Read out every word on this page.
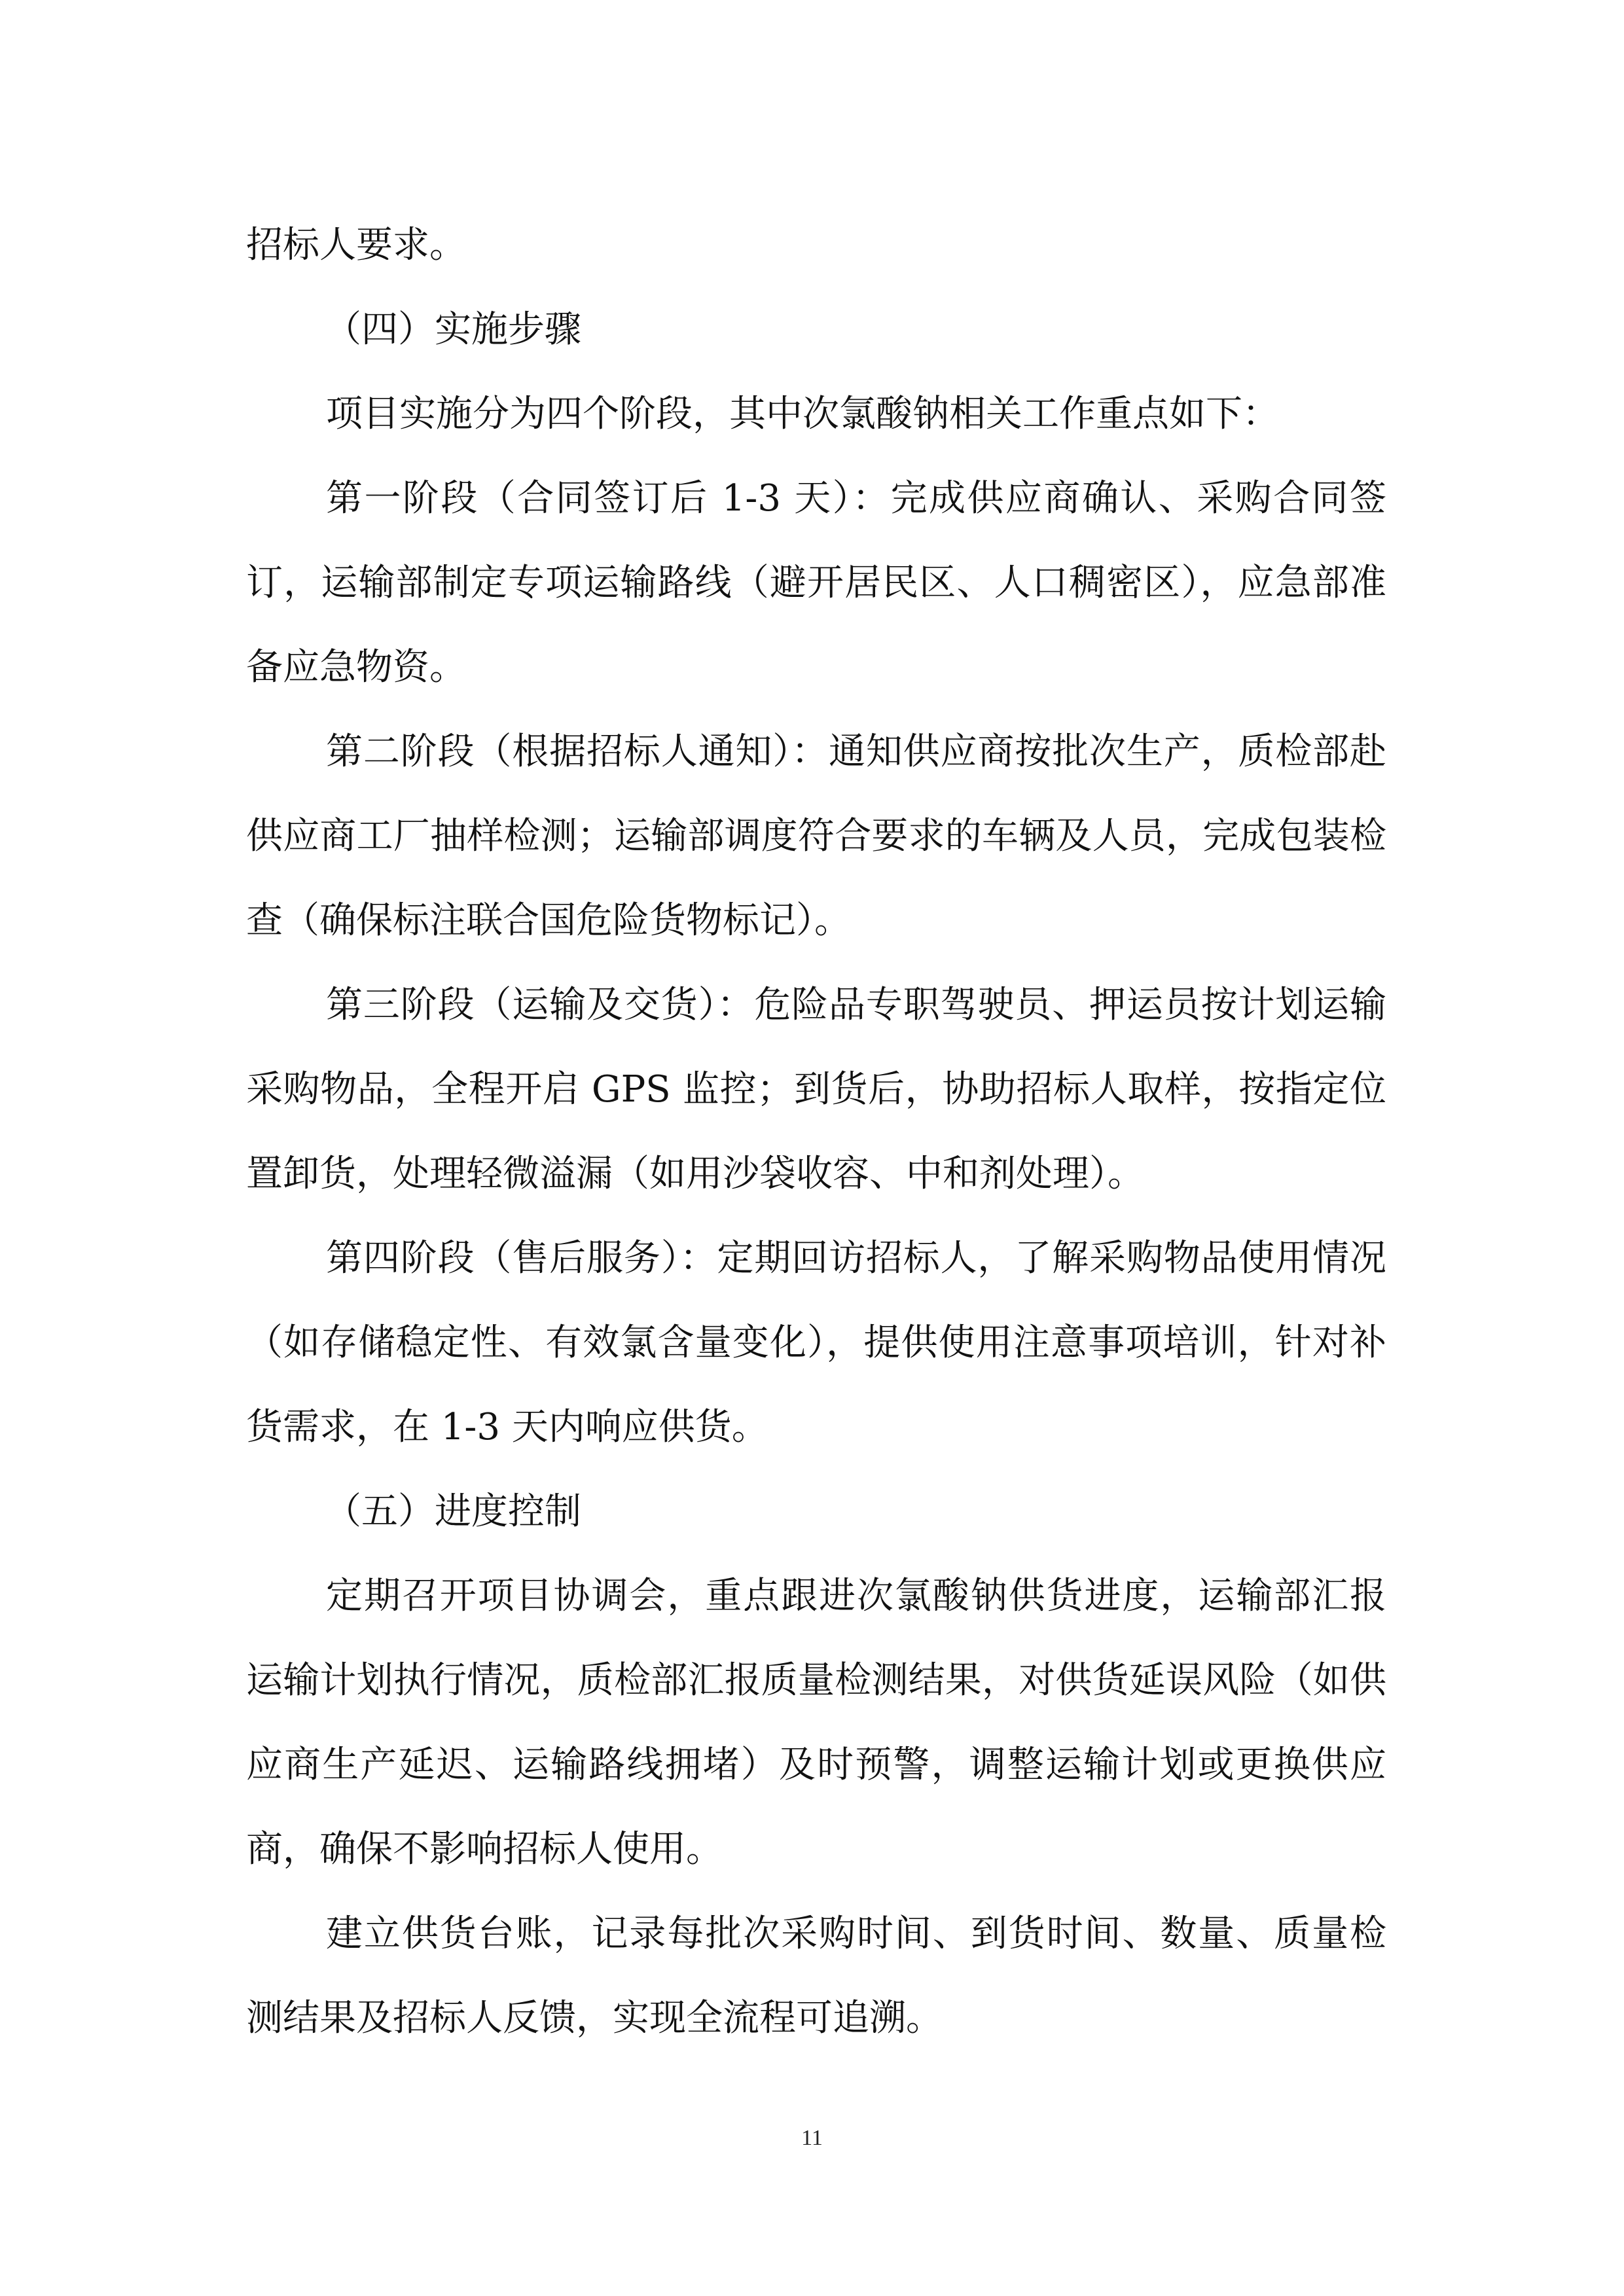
招标人要求。

（四）实施步骤

项目实施分为四个阶段，其中次氯酸钠相关工作重点如下：

第一阶段（合同签订后 1-3 天）：完成供应商确认、采购合同签订，运输部制定专项运输路线（避开居民区、人口稠密区），应急部准备应急物资。

第二阶段（根据招标人通知）：通知供应商按批次生产，质检部赴供应商工厂抽样检测；运输部调度符合要求的车辆及人员，完成包装检查（确保标注联合国危险货物标记）。

第三阶段（运输及交货）：危险品专职驾驶员、押运员按计划运输采购物品，全程开启 GPS 监控；到货后，协助招标人取样，按指定位置卸货，处理轻微溢漏（如用沙袋收容、中和剂处理）。

第四阶段（售后服务）：定期回访招标人，了解采购物品使用情况（如存储稳定性、有效氯含量变化），提供使用注意事项培训，针对补货需求，在 1-3 天内响应供货。

（五）进度控制

定期召开项目协调会，重点跟进次氯酸钠供货进度，运输部汇报运输计划执行情况，质检部汇报质量检测结果，对供货延误风险（如供应商生产延迟、运输路线拥堵）及时预警，调整运输计划或更换供应商，确保不影响招标人使用。

建立供货台账，记录每批次采购时间、到货时间、数量、质量检测结果及招标人反馈，实现全流程可追溯。

11
